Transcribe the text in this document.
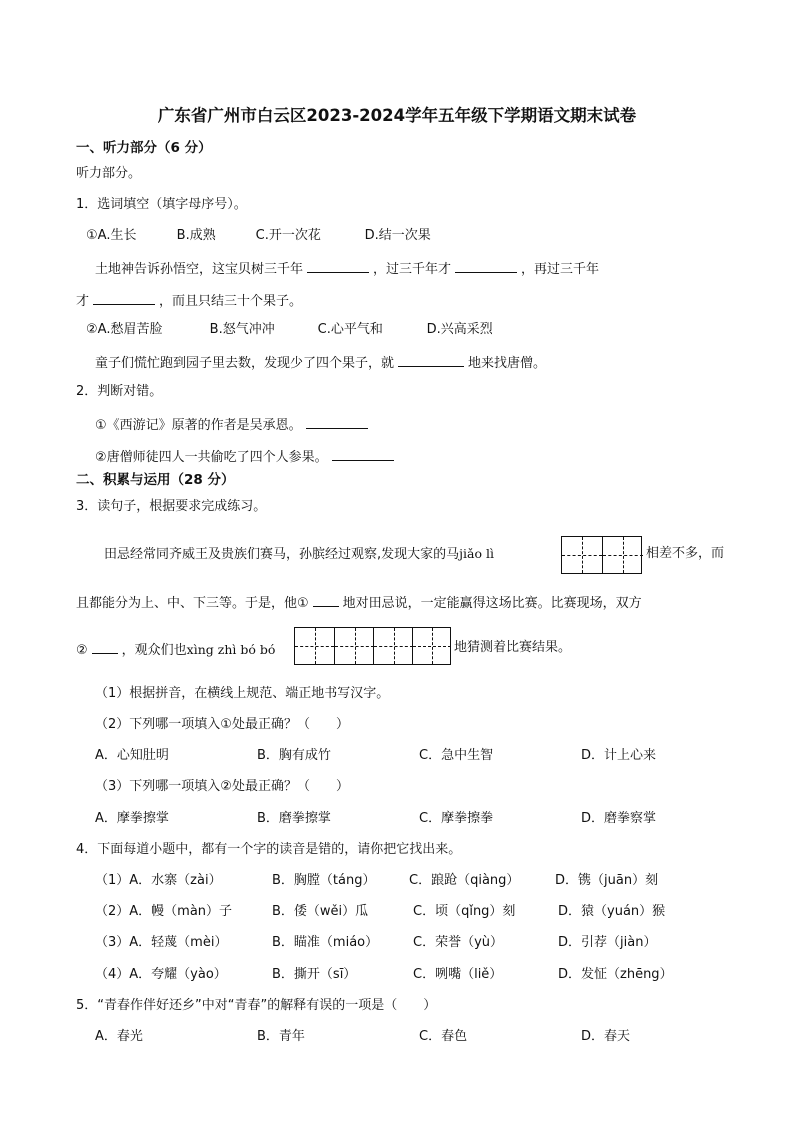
广东省广州市白云区2023-2024学年五年级下学期语文期末试卷
一、听力部分（6 分）
听力部分。
1．选词填空（填字母序号）。
①A.生长	B.成熟	C.开一次花	D.结一次果
土地神告诉孙悟空，这宝贝树三千年	，过三千年才	，再过三千年
才	，而且只结三十个果子。
②A.愁眉苦脸	B.怒气冲冲	C.心平气和	D.兴高采烈
童子们慌忙跑到园子里去数，发现少了四个果子，就	地来找唐僧。
2．判断对错。
①《西游记》原著的作者是吴承恩。
②唐僧师徒四人一共偷吃了四个人参果。
二、积累与运用（28 分）
3．读句子，根据要求完成练习。
田忌经常同齐威王及贵族们赛马，孙膑经过观察,发现大家的马jiǎo lì	相差不多，而
且都能分为上、中、下三等。于是，他①	地对田忌说，一定能赢得这场比赛。比赛现场，双方
②	，观众们也xìng zhì bó bó	地猜测着比赛结果。
（1）根据拼音，在横线上规范、端正地书写汉字。
（2）下列哪一项填入①处最正确？（　　）
A．心知肚明	B．胸有成竹	C．急中生智	D．计上心来
（3）下列哪一项填入②处最正确？（　　）
A．摩拳擦掌	B．磨拳擦掌	C．摩拳擦拳	D．磨拳察掌
4．下面每道小题中，都有一个字的读音是错的，请你把它找出来。
（1）A．水寨（zài）	B．胸膛（táng）	C．踉跄（qiàng）	D．镌（juān）刻
（2）A．幔（màn）子	B．倭（wěi）瓜	C．顷（qǐng）刻	D．猿（yuán）猴
（3）A．轻蔑（mèi）	B．瞄准（miáo）	C．荣誉（yù）	D．引荐（jiàn）
（4）A．夸耀（yào）	B．撕开（sī）	C．咧嘴（liě）	D．发怔（zhēng）
5．“青春作伴好还乡”中对“青春”的解释有误的一项是（　　）
A．春光	B．青年	C．春色	D．春天
